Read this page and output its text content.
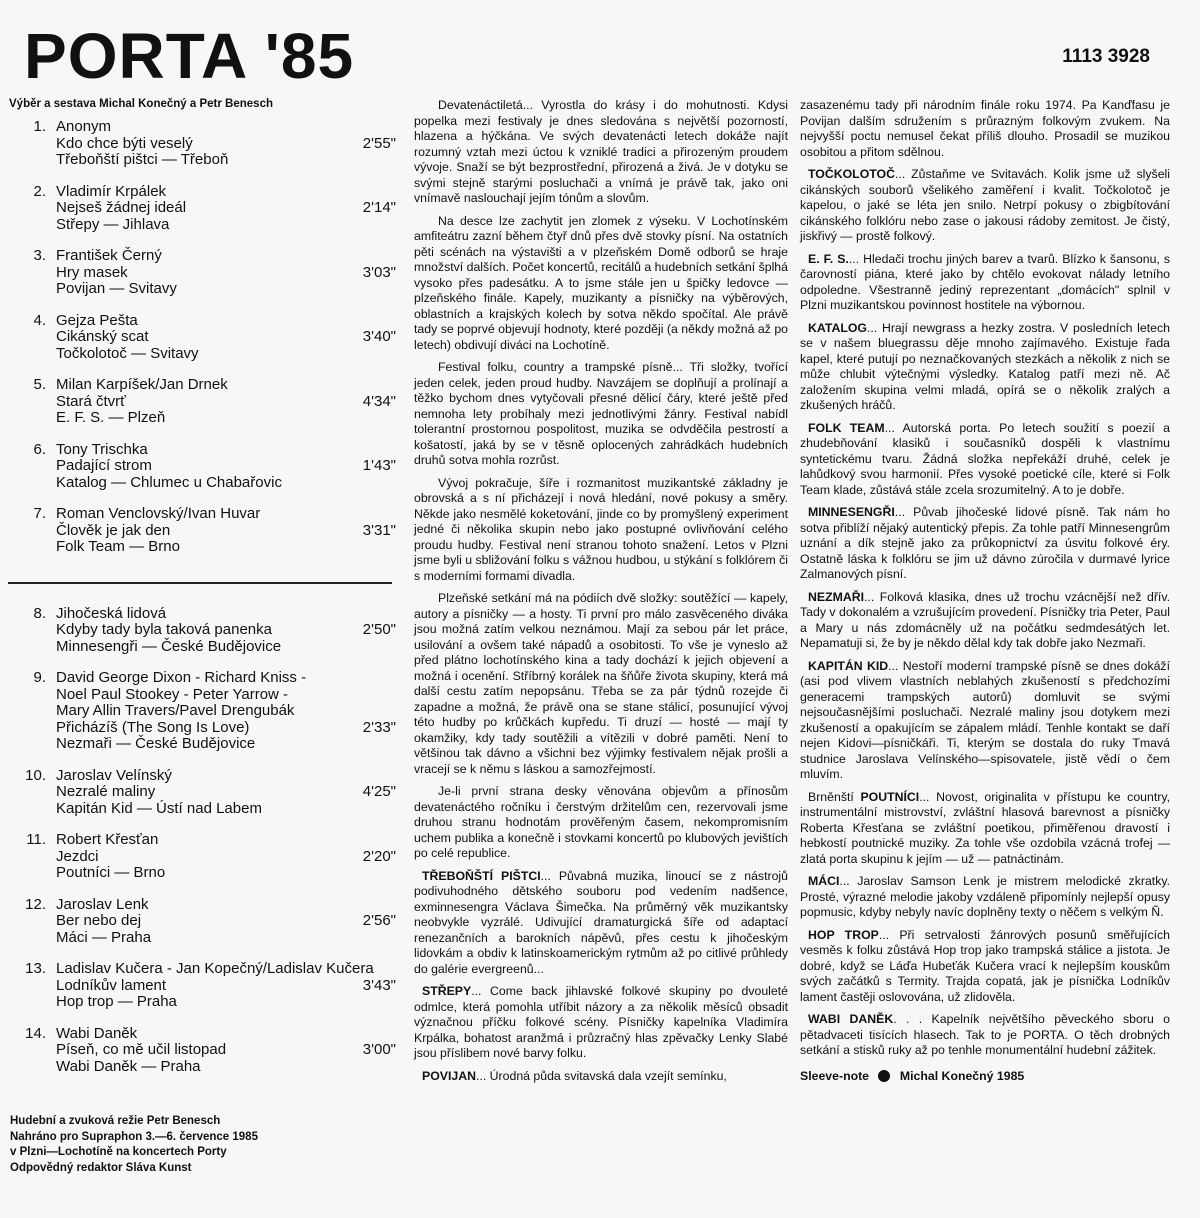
PORTA '85	1113 3928
Výběr a sestava Michal Konečný a Petr Benesch
1. Anonym
Kdo chce býti veselý
Třeboňští pištci — Třeboň
2'55"
2. Vladimír Krpálek
Nejseš žádnej ideál
Střepy — Jihlava
2'14"
3. František Černý
Hry masek
Povijan — Svitavy
3'03"
4. Gejza Pešta
Cikánský scat
Točkolotoč — Svitavy
3'40"
5. Milan Karpíšek/Jan Drnek
Stará čtvrť
E. F. S. — Plzeň
4'34"
6. Tony Trischka
Padající strom
Katalog — Chlumec u Chabařovic
1'43"
7. Roman Venclovský/Ivan Huvar
Člověk je jak den
Folk Team — Brno
3'31"
8. Jihočeská lidová
Kdyby tady byla taková panenka
Minnesengři — České Budějovice
2'50"
9. David George Dixon - Richard Kniss -
Noel Paul Stookey - Peter Yarrow -
Mary Allin Travers/Pavel Drengubák
Přicházíš (The Song Is Love)
Nezmaři — České Budějovice
2'33"
10. Jaroslav Velínský
Nezralé maliny
Kapitán Kid — Ústí nad Labem
4'25"
11. Robert Křesťan
Jezdci
Poutníci — Brno
2'20"
12. Jaroslav Lenk
Ber nebo dej
Máci — Praha
2'56"
13. Ladislav Kučera - Jan Kopečný/Ladislav Kučera
Lodníkův lament
Hop trop — Praha
3'43"
14. Wabi Daněk
Píseň, co mě učil listopad
Wabi Daněk — Praha
3'00"
Hudební a zvuková režie Petr Benesch
Nahráno pro Supraphon 3.—6. července 1985
v Plzni—Lochotíně na koncertech Porty
Odpovědný redaktor Sláva Kunst

Devatenáctiletá... Vyrostla do krásy i do mohutnosti. Kdysi popelka mezi festivaly je dnes sledována s největší pozorností, hlazena a hýčkána. Ve svých devatenácti letech dokáže najít rozumný vztah mezi úctou k vzniklé tradici a přirozeným proudem vývoje. Snaží se být bezprostřední, přirozená a živá. Je v dotyku se svými stejně starými posluchači a vnímá je právě tak, jako oni vnímavě naslouchají jejím tónům a slovům.

Na desce lze zachytit jen zlomek z výseku. V Lochotínském amfiteátru zazní během čtyř dnů přes dvě stovky písní. Na ostatních pěti scénách na výstavišti a v plzeňském Domě odborů se hraje množství dalších. Počet koncertů, recitálů a hudebních setkání šplhá vysoko přes padesátku. A to jsme stále jen u špičky ledovce — plzeňského finále. Kapely, muzikanty a písničky na výběrových, oblastních a krajských kolech by sotva někdo spočítal. Ale právě tady se poprvé objevují hodnoty, které později (a někdy možná až po letech) obdivují diváci na Lochotíně.

Festival folku, country a trampské písně... Tři složky, tvořící jeden celek, jeden proud hudby. Navzájem se doplňují a prolínají a těžko bychom dnes vytyčovali přesné dělicí čáry, které ještě před nemnoha lety probíhaly mezi jednotlivými žánry. Festival nabídl tolerantní prostornou pospolitost, muzika se odvděčila pestrostí a košatostí, jaká by se v těsně oplocených zahrádkách hudebních druhů sotva mohla rozrůst.

Vývoj pokračuje, šíře i rozmanitost muzikantské základny je obrovská a s ní přicházejí i nová hledání, nové pokusy a směry. Někde jako nesmělé koketování, jinde co by promyšlený experiment jedné či několika skupin nebo jako postupné ovlivňování celého proudu hudby. Festival není stranou tohoto snažení. Letos v Plzni jsme byli u sbližování folku s vážnou hudbou, u stýkání s folklórem či s moderními formami divadla.

Plzeňské setkání má na pódiích dvě složky: soutěžící — kapely, autory a písničky — a hosty. Ti první pro málo zasvěceného diváka jsou možná zatím velkou neznámou. Mají za sebou pár let práce, usilování a ovšem také nápadů a osobitosti. To vše je vyneslo až před plátno lochotínského kina a tady dochází k jejich objevení a možná i ocenění. Stříbrný korálek na šňůře života skupiny, která má další cestu zatím nepopsánu. Třeba se za pár týdnů rozejde či zapadne a možná, že právě ona se stane stálicí, posunující vývoj této hudby po krůčkách kupředu. Ti druzí — hosté — mají ty okamžiky, kdy tady soutěžili a vítězili v dobré paměti. Není to většinou tak dávno a všichni bez výjimky festivalem nějak prošli a vracejí se k němu s láskou a samozřejmostí.

Je-li první strana desky věnována objevům a přínosům devatenáctého ročníku i čerstvým držitelům cen, rezervovali jsme druhou stranu hodnotám prověřeným časem, nekompromisním uchem publika a konečně i stovkami koncertů po klubových jevištích po celé republice.

TŘEBOŇŠTÍ PIŠTCI... Půvabná muzika, linoucí se z nástrojů podivuhodného dětského souboru pod vedením nadšence, exminnesengra Václava Šimečka. Na průměrný věk muzikantsky neobvykle vyzrálé. Udivující dramaturgická šíře od adaptací renezančních a barokních nápěvů, přes cestu k jihočeským lidovkám a obdiv k latinskoamerickým rytmům až po citlivé průhledy do galérie evergreenů...

STŘEPY... Come back jihlavské folkové skupiny po dvouleté odmlce, která pomohla utříbit názory a za několik měsíců obsadit význačnou příčku folkové scény. Písničky kapelníka Vladimíra Krpálka, bohatost aranžmá i průzračný hlas zpěvačky Lenky Slabé jsou příslibem nové barvy folku.

POVIJAN... Úrodná půda svitavská dala vzejít semínku,

zasazenému tady při národním finále roku 1974. Pa Kanďfasu je Povijan dalším sdružením s průrazným folkovým zvukem. Na nejvyšší poctu nemusel čekat příliš dlouho. Prosadil se muzikou osobitou a přitom sdělnou.

TOČKOLOTOČ... Zůstaňme ve Svitavách. Kolik jsme už slyšeli cikánských souborů všelikého zaměření i kvalit. Točkolotoč je kapelou, o jaké se léta jen snilo. Netrpí pokusy o zbigbítování cikánského folklóru nebo zase o jakousi rádoby zemitost. Je čistý, jiskřivý — prostě folkový.

E. F. S.... Hledači trochu jiných barev a tvarů. Blízko k šansonu, s čarovností piána, které jako by chtělo evokovat nálady letního odpoledne. Všestranně jediný reprezentant „domácích" splnil v Plzni muzikantskou povinnost hostitele na výbornou.

KATALOG... Hrají newgrass a hezky zostra. V posledních letech se v našem bluegrassu děje mnoho zajímavého. Existuje řada kapel, které putují po neznačkovaných stezkách a několik z nich se může chlubit výtečnými výsledky. Katalog patří mezi ně. Ač založením skupina velmi mladá, opírá se o několik zralých a zkušených hráčů.

FOLK TEAM... Autorská porta. Po letech soužití s poezií a zhudebňování klasiků i současníků dospěli k vlastnímu syntetickému tvaru. Žádná složka nepřekáží druhé, celek je lahůdkový svou harmonií. Přes vysoké poetické cíle, které si Folk Team klade, zůstává stále zcela srozumitelný. A to je dobře.

MINNESENGŘI... Půvab jihočeské lidové písně. Tak nám ho sotva přiblíží nějaký autentický přepis. Za tohle patří Minnesengrům uznání a dík stejně jako za průkopnictví za úsvitu folkové éry. Ostatně láska k folklóru se jim už dávno zúročila v durmavé lyrice Zalmanových písní.

NEZMAŘI... Folková klasika, dnes už trochu vzácnější než dřív. Tady v dokonalém a vzrušujícím provedení. Písničky tria Peter, Paul a Mary u nás zdomácněly už na počátku sedmdesátých let. Nepamatuji si, že by je někdo dělal kdy tak dobře jako Nezmaři.

KAPITÁN KID... Nestoří moderní trampské písně se dnes dokáží (asi pod vlivem vlastních neblahých zkušeností s předchozími generacemi trampských autorů) domluvit se svými nejsoučasnějšími posluchači. Nezralé maliny jsou dotykem mezi zkušeností a opakujícím se zápalem mládí. Tenhle kontakt se daří nejen Kidovi—písničkáři. Ti, kterým se dostala do ruky Tmavá studnice Jaroslava Velínského—spisovatele, jistě vědí o čem mluvím.

Brněnští POUTNÍCI... Novost, originalita v přístupu ke country, instrumentální mistrovství, zvláštní hlasová barevnost a písničky Roberta Křesťana se zvláštní poetikou, přiměřenou dravostí i hebkostí poutnické muziky. Za tohle vše ozdobila vzácná trofej — zlatá porta skupinu k jejím — už — patnáctinám.

MÁCI... Jaroslav Samson Lenk je mistrem melodické zkratky. Prosté, výrazné melodie jakoby vzdáleně připomínly nejlepší opusy popmusic, kdyby nebyly navíc doplněny texty o něčem s velkým Ñ.

HOP TROP... Při setrvalosti žánrových posunů směřujících vesměs k folku zůstává Hop trop jako trampská stálice a jistota. Je dobré, když se Láďa Hubeťák Kučera vrací k nejlepším kouskům svých začátků s Termity. Trajda copatá, jak je písnička Lodníkův lament častěji oslovována, už zlidověla.

WABI DANĚK. . . Kapelník největšího pěveckého sboru o pětadvaceti tisících hlasech. Tak to je PORTA. O těch drobných setkání a stisků ruky až po tenhle monumentální hudební zážitek.

Sleeve-note	Michal Konečný 1985
